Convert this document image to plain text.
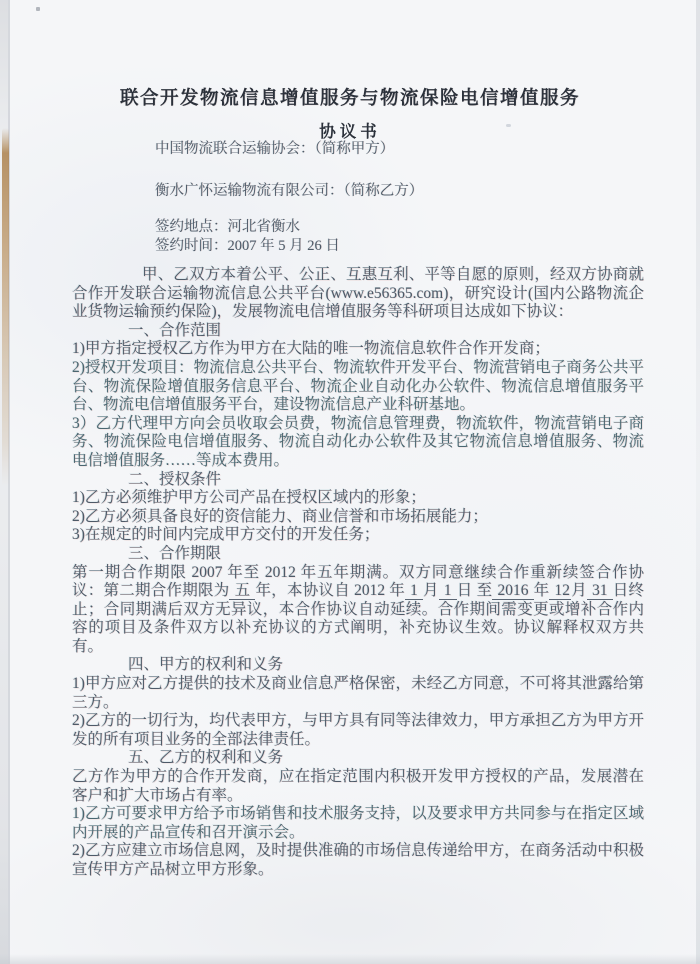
联合开发物流信息增值服务与物流保险电信增值服务
协议书

中国物流联合运输协会：（简称甲方）

衡水广怀运输物流有限公司：（简称乙方）

签约地点：河北省衡水

签约时间：2007 年 5 月 26 日

甲、乙双方本着公平、公正、互惠互利、平等自愿的原则，经双方协商就合作开发联合运输物流信息公共平台(www.e56365.com)，研究设计(国内公路物流企业货物运输预约保险)，发展物流电信增值服务等科研项目达成如下协议：

一、合作范围

1)甲方指定授权乙方作为甲方在大陆的唯一物流信息软件合作开发商；

2)授权开发项目：物流信息公共平台、物流软件开发平台、物流营销电子商务公共平台、物流保险增值服务信息平台、物流企业自动化办公软件、物流信息增值服务平台、物流电信增值服务平台，建设物流信息产业科研基地。

3）乙方代理甲方向会员收取会员费，物流信息管理费，物流软件，物流营销电子商务、物流保险电信增值服务、物流自动化办公软件及其它物流信息增值服务、物流电信增值服务……等成本费用。

二、授权条件

1)乙方必须维护甲方公司产品在授权区域内的形象；

2)乙方必须具备良好的资信能力、商业信誉和市场拓展能力；

3)在规定的时间内完成甲方交付的开发任务；

三、合作期限

第一期合作期限 2007 年至 2012 年五年期满。双方同意继续合作重新续签合作协议：第二期合作期限为 五 年，本协议自 2012 年 1 月 1 日 至 2016 年 12月 31 日终止；合同期满后双方无异议，本合作协议自动延续。合作期间需变更或增补合作内容的项目及条件双方以补充协议的方式阐明，补充协议生效。协议解释权双方共有。

四、甲方的权利和义务

1)甲方应对乙方提供的技术及商业信息严格保密，未经乙方同意，不可将其泄露给第三方。

2)乙方的一切行为，均代表甲方，与甲方具有同等法律效力，甲方承担乙方为甲方开发的所有项目业务的全部法律责任。

五、乙方的权利和义务

乙方作为甲方的合作开发商，应在指定范围内积极开发甲方授权的产品，发展潜在客户和扩大市场占有率。

1)乙方可要求甲方给予市场销售和技术服务支持，以及要求甲方共同参与在指定区域内开展的产品宣传和召开演示会。

2)乙方应建立市场信息网，及时提供准确的市场信息传递给甲方，在商务活动中积极宣传甲方产品树立甲方形象。
